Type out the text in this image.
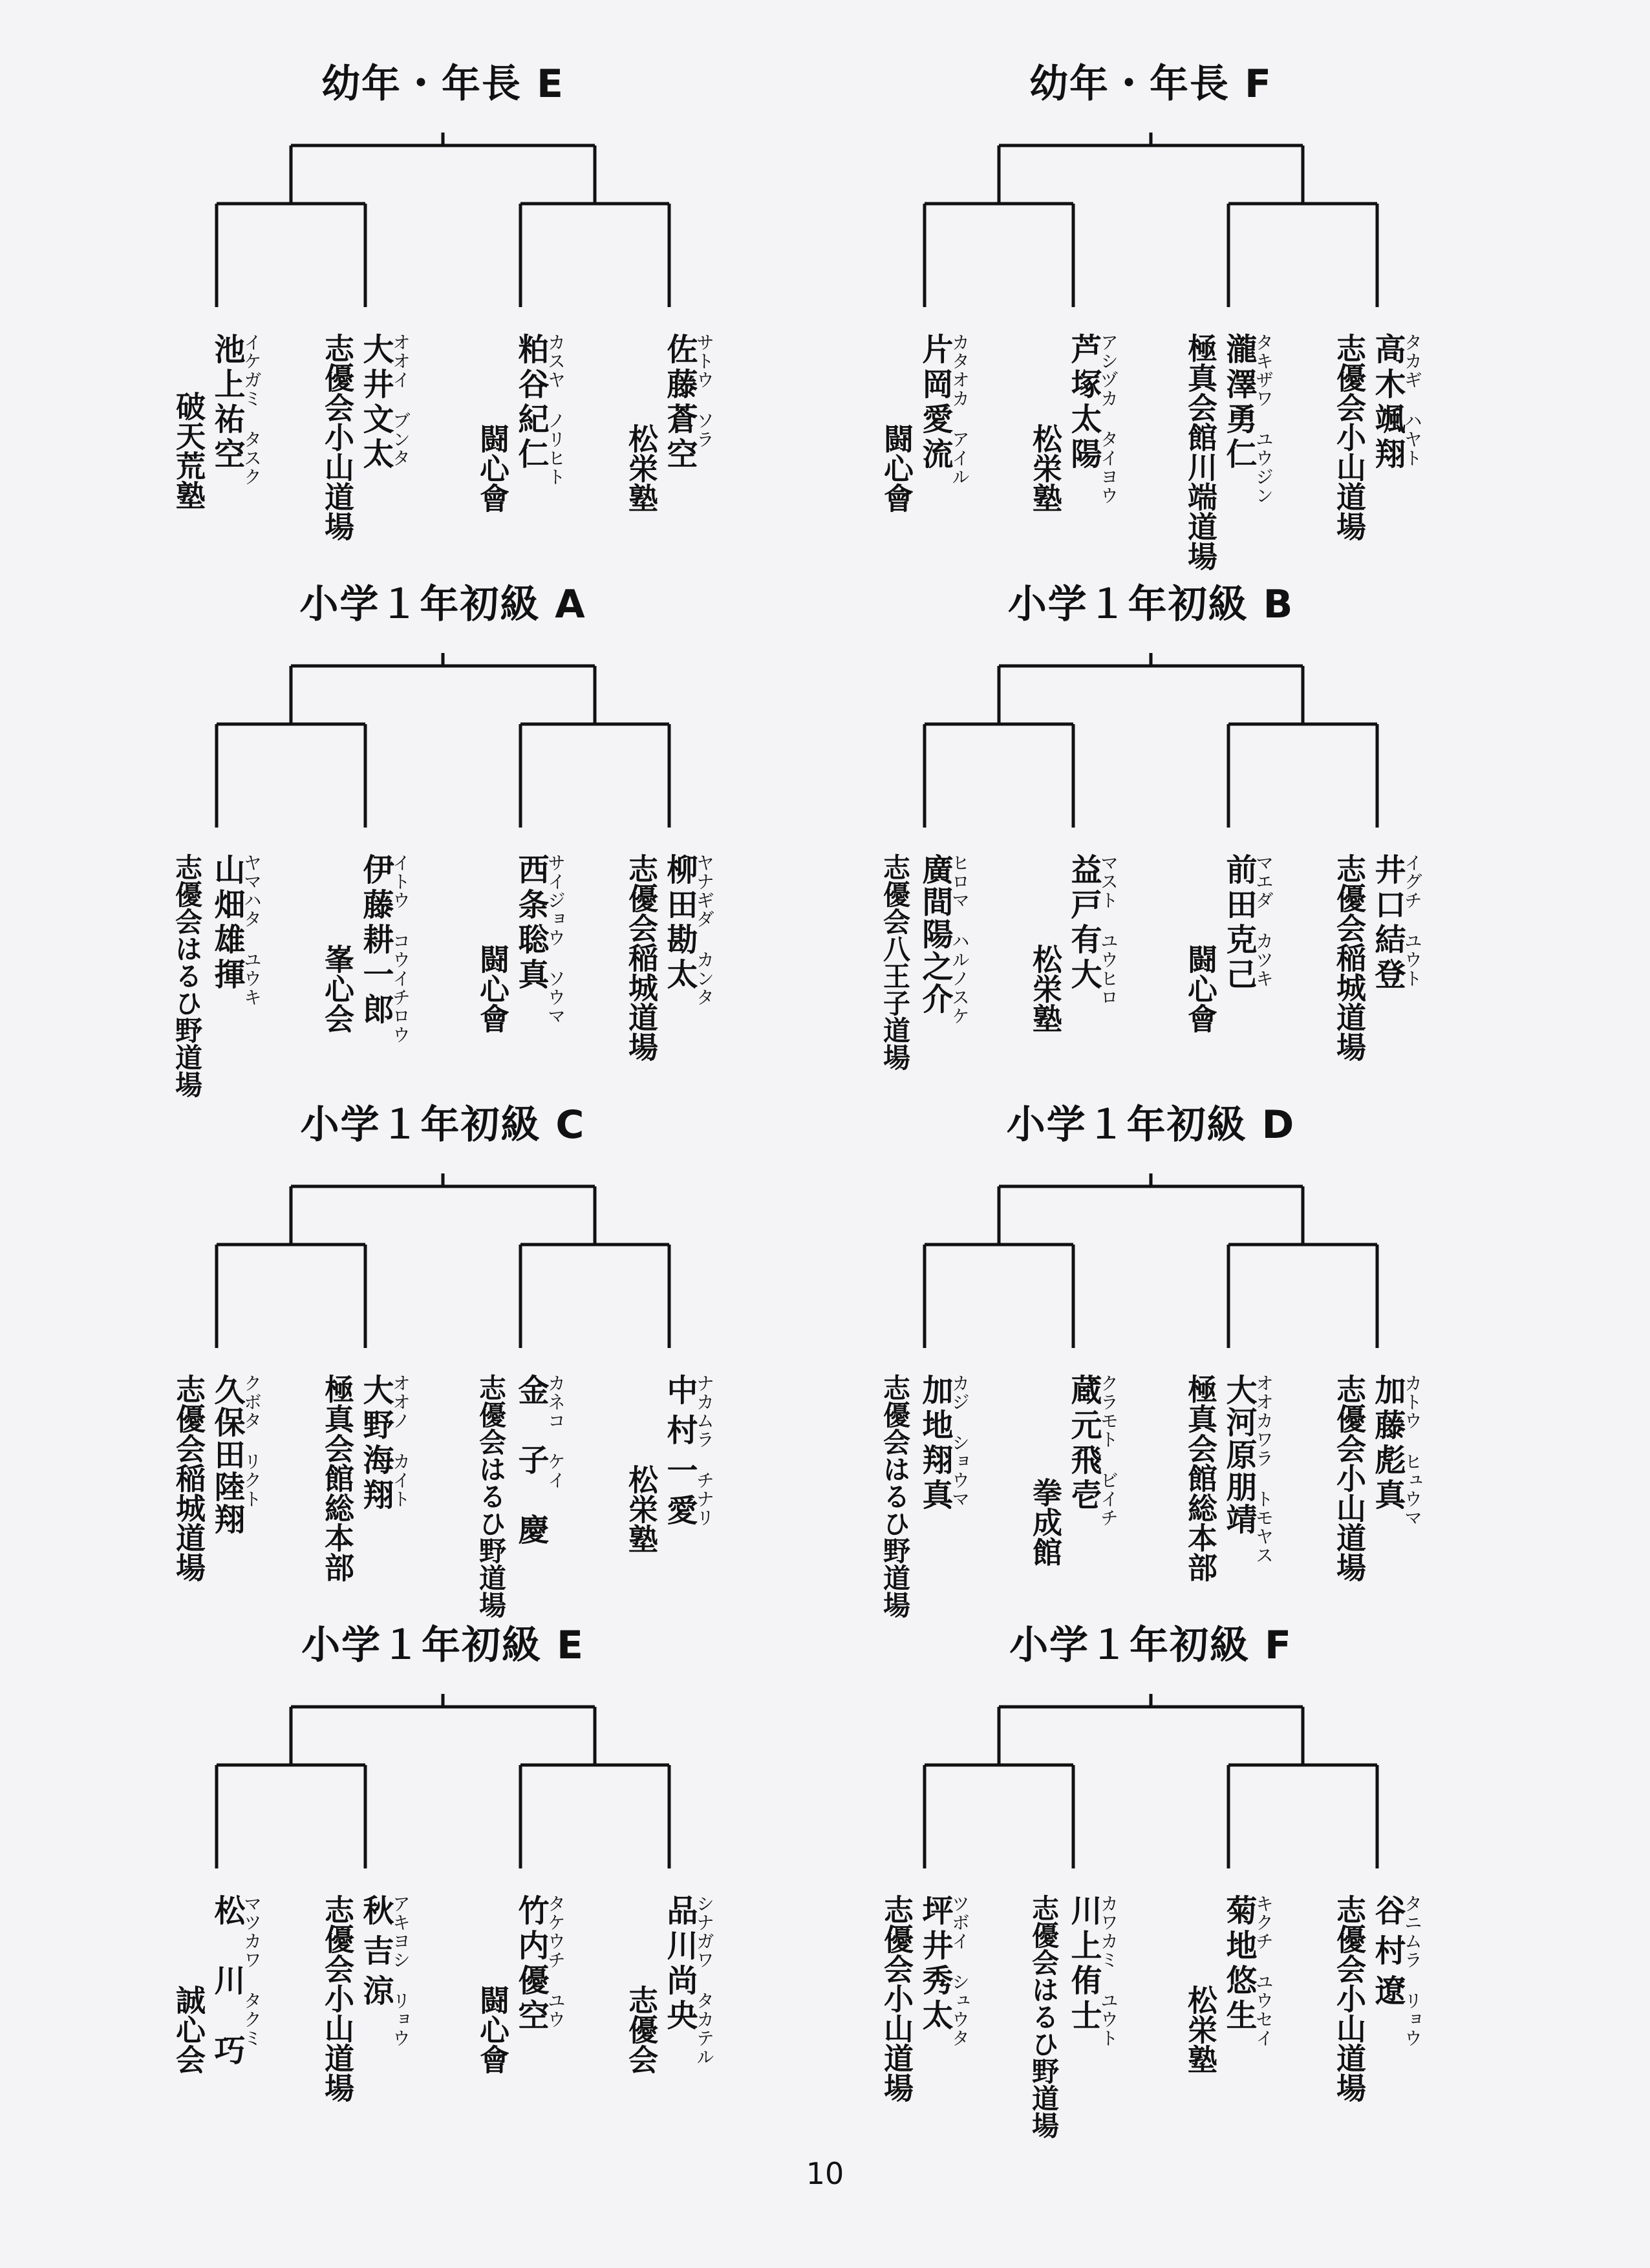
幼年・年長 E
イケガミ タスク
池上祐空
破天荒塾	オオイ ブンタ
大井文太
志優会小山道場	カスヤ ノリヒト
粕谷紀仁
闘心會
サトウ ソラ
佐藤蒼空
松栄塾
幼年・年長 F
カタオカ アイル
片岡愛流
闘心會	アシヅカ タイヨウ
芦塚太陽
松栄塾	タキザワ ユウジン
瀧澤勇仁
極真会館川端道場	タカギ ハヤト
高木颯翔
志優会小山道場
小学１年初級 A
ヤマハタ ユウキ
山畑雄揮
志優会はるひ野道場	イトウ コウイチロウ
伊藤耕一郎
峯心会	サイジョウ ソウマ
西条聡真
闘心會	ヤナギダ カンタ
柳田勘太
志優会稲城道場
小学１年初級 B
ヒロマ ハルノスケ
廣間陽之介
志優会八王子道場	マスト ユウヒロ
益戸有大
松栄塾
マエダ カツキ
前田克己
闘心會
イグチ ユウト
井口結登
志優会稲城道場
小学１年初級 C
クボタ リクト
久保田陸翔
志優会稲城道場	オオノ カイト
大野海翔
極真会館総本部	カネコ ケイ
金子慶
志優会はるひ野道場	ナカムラ チナリ
中村一愛
松栄塾
小学１年初級 D
カジ ショウマ
加地翔真
志優会はるひ野道場	クラモト ビイチ
蔵元飛壱
拳成館	オオカワラ トモヤス
大河原朋靖
極真会館総本部	カトウ ヒュウマ
加藤彪真
志優会小山道場
小学１年初級 E
マツカワ タクミ
松川巧
誠心会	アキヨシ リョウ
秋吉涼
志優会小山道場	タケウチ ユウ
竹内優空
闘心會	シナガワ タカテル
品川尚央
志優会
小学１年初級 F
ツボイ シュウタ
坪井秀太
志優会小山道場	カワカミ ユウト
川上侑士
志優会はるひ野道場	キクチ ユウセイ
菊地悠生
松栄塾	タニムラ リョウ
谷村遼
志優会小山道場
10
